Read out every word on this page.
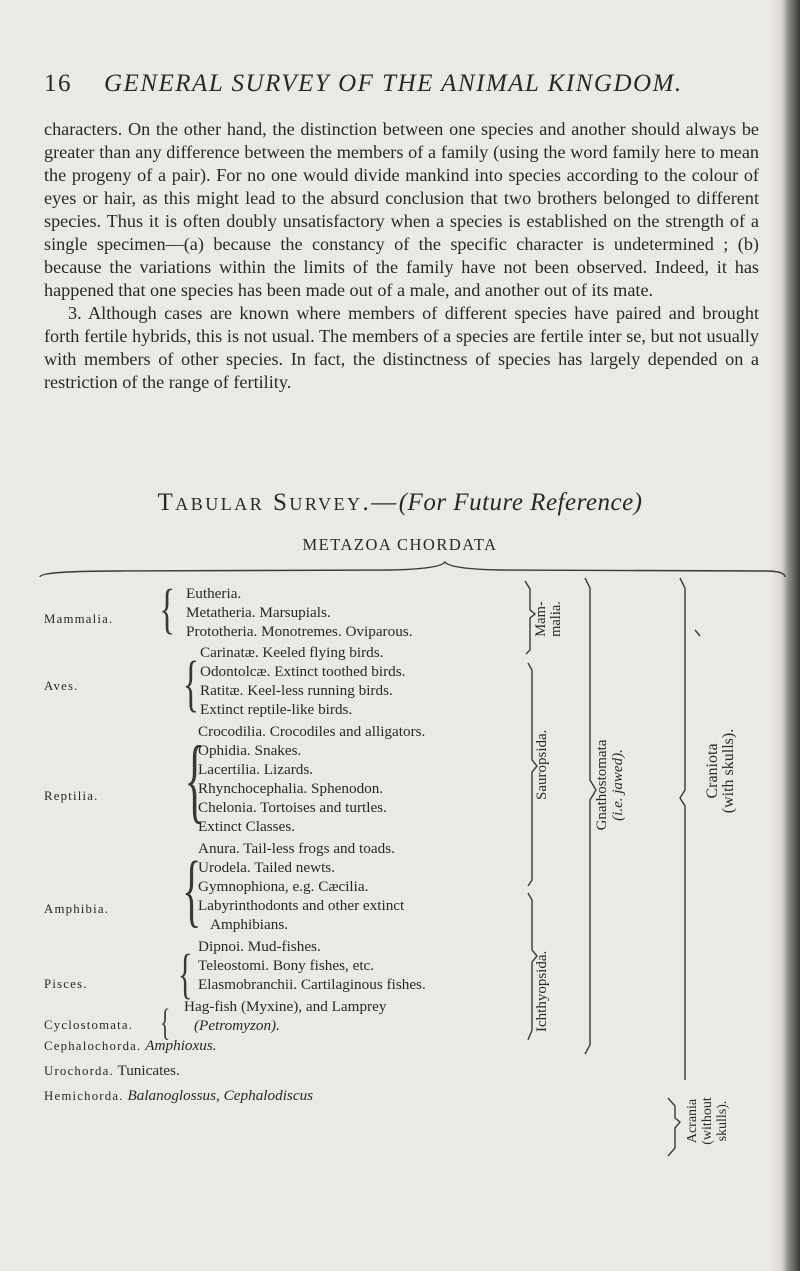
16 GENERAL SURVEY OF THE ANIMAL KINGDOM.

characters. On the other hand, the distinction between one species and another should always be greater than any difference between the members of a family (using the word family here to mean the progeny of a pair). For no one would divide mankind into species according to the colour of eyes or hair, as this might lead to the absurd conclusion that two brothers belonged to different species. Thus it is often doubly unsatisfactory when a species is established on the strength of a single specimen—(a) because the constancy of the specific character is undetermined ; (b) because the variations within the limits of the family have not been observed. Indeed, it has happened that one species has been made out of a male, and another out of its mate.

3. Although cases are known where members of different species have paired and brought forth fertile hybrids, this is not usual. The members of a species are fertile inter se, but not usually with members of other species. In fact, the distinctness of species has largely depended on a restriction of the range of fertility.

Tabular Survey.—(For Future Reference)
METAZOA CHORDATA
Mammalia.
Aves.
Reptilia.
Amphibia.
Pisces.
Cyclostomata.
{
{
{
{
{
{
Eutheria.
Metatheria. Marsupials.
Prototheria. Monotremes. Oviparous.
Carinatæ. Keeled flying birds.
Odontolcæ. Extinct toothed birds.
Ratitæ. Keel-less running birds.
Extinct reptile-like birds.
Crocodilia. Crocodiles and alligators.
Ophidia. Snakes.
Lacertilia. Lizards.
Rhynchocephalia. Sphenodon.
Chelonia. Tortoises and turtles.
Extinct Classes.
Anura. Tail-less frogs and toads.
Urodela. Tailed newts.
Gymnophiona, e.g. Cæcilia.
Labyrinthodonts and other extinct
Amphibians.
Dipnoi. Mud-fishes.
Teleostomi. Bony fishes, etc.
Elasmobranchii. Cartilaginous fishes.
Hag-fish (Myxine), and Lamprey
(Petromyzon).
Cephalochorda. Amphioxus.
Urochorda. Tunicates.
Hemichorda. Balanoglossus, Cephalodiscus
Mam-malia.
Sauropsida.
Ichthyopsida.
Gnathostomata (i.e. jawed).	Craniota (with skulls).
Acrania (without skulls).
